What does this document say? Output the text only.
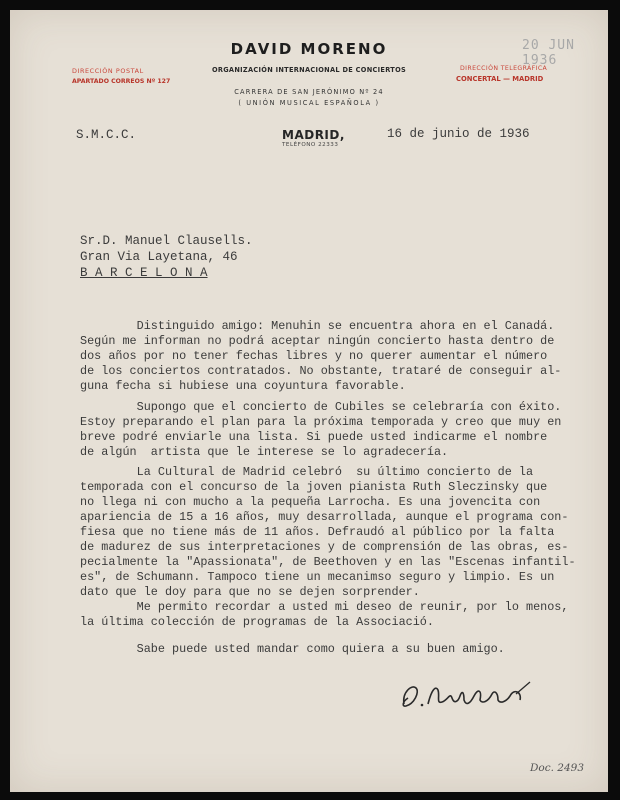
DAVID MORENO
ORGANIZACIÓN INTERNACIONAL DE CONCIERTOS
CARRERA DE SAN JERÓNIMO Nº 24
( UNIÓN MUSICAL ESPAÑOLA )
DIRECCIÓN POSTAL
APARTADO CORREOS Nº 127
DIRECCIÓN TELEGRÁFICA
CONCERTAL — MADRID
20 JUN 1936
S.M.C.C.	MADRID,
TELÉFONO 22333
16 de junio de 1936
Sr.D. Manuel Clausells.
Gran Via Layetana, 46
B A R C E L O N A
Distinguido amigo: Menuhin se encuentra ahora en el Canadá.
Según me informan no podrá aceptar ningún concierto hasta dentro de
dos años por no tener fechas libres y no querer aumentar el número
de los conciertos contratados. No obstante, trataré de conseguir al-
guna fecha si hubiese una coyuntura favorable.
Supongo que el concierto de Cubiles se celebraría con éxito.
Estoy preparando el plan para la próxima temporada y creo que muy en
breve podré enviarle una lista. Si puede usted indicarme el nombre
de algún  artista que le interese se lo agradecería.
La Cultural de Madrid celebró  su último concierto de la
temporada con el concurso de la joven pianista Ruth Sleczinsky que
no llega ni con mucho a la pequeña Larrocha. Es una jovencita con
apariencia de 15 a 16 años, muy desarrollada, aunque el programa con-
fiesa que no tiene más de 11 años. Defraudó al público por la falta
de madurez de sus interpretaciones y de comprensión de las obras, es-
pecialmente la "Apassionata", de Beethoven y en las "Escenas infantil-
es", de Schumann. Tampoco tiene un mecanimso seguro y limpio. Es un
dato que le doy para que no se dejen sorprender.
Me permito recordar a usted mi deseo de reunir, por lo menos,
la última colección de programas de la Associació.
Sabe puede usted mandar como quiera a su buen amigo.
Doc. 2493
